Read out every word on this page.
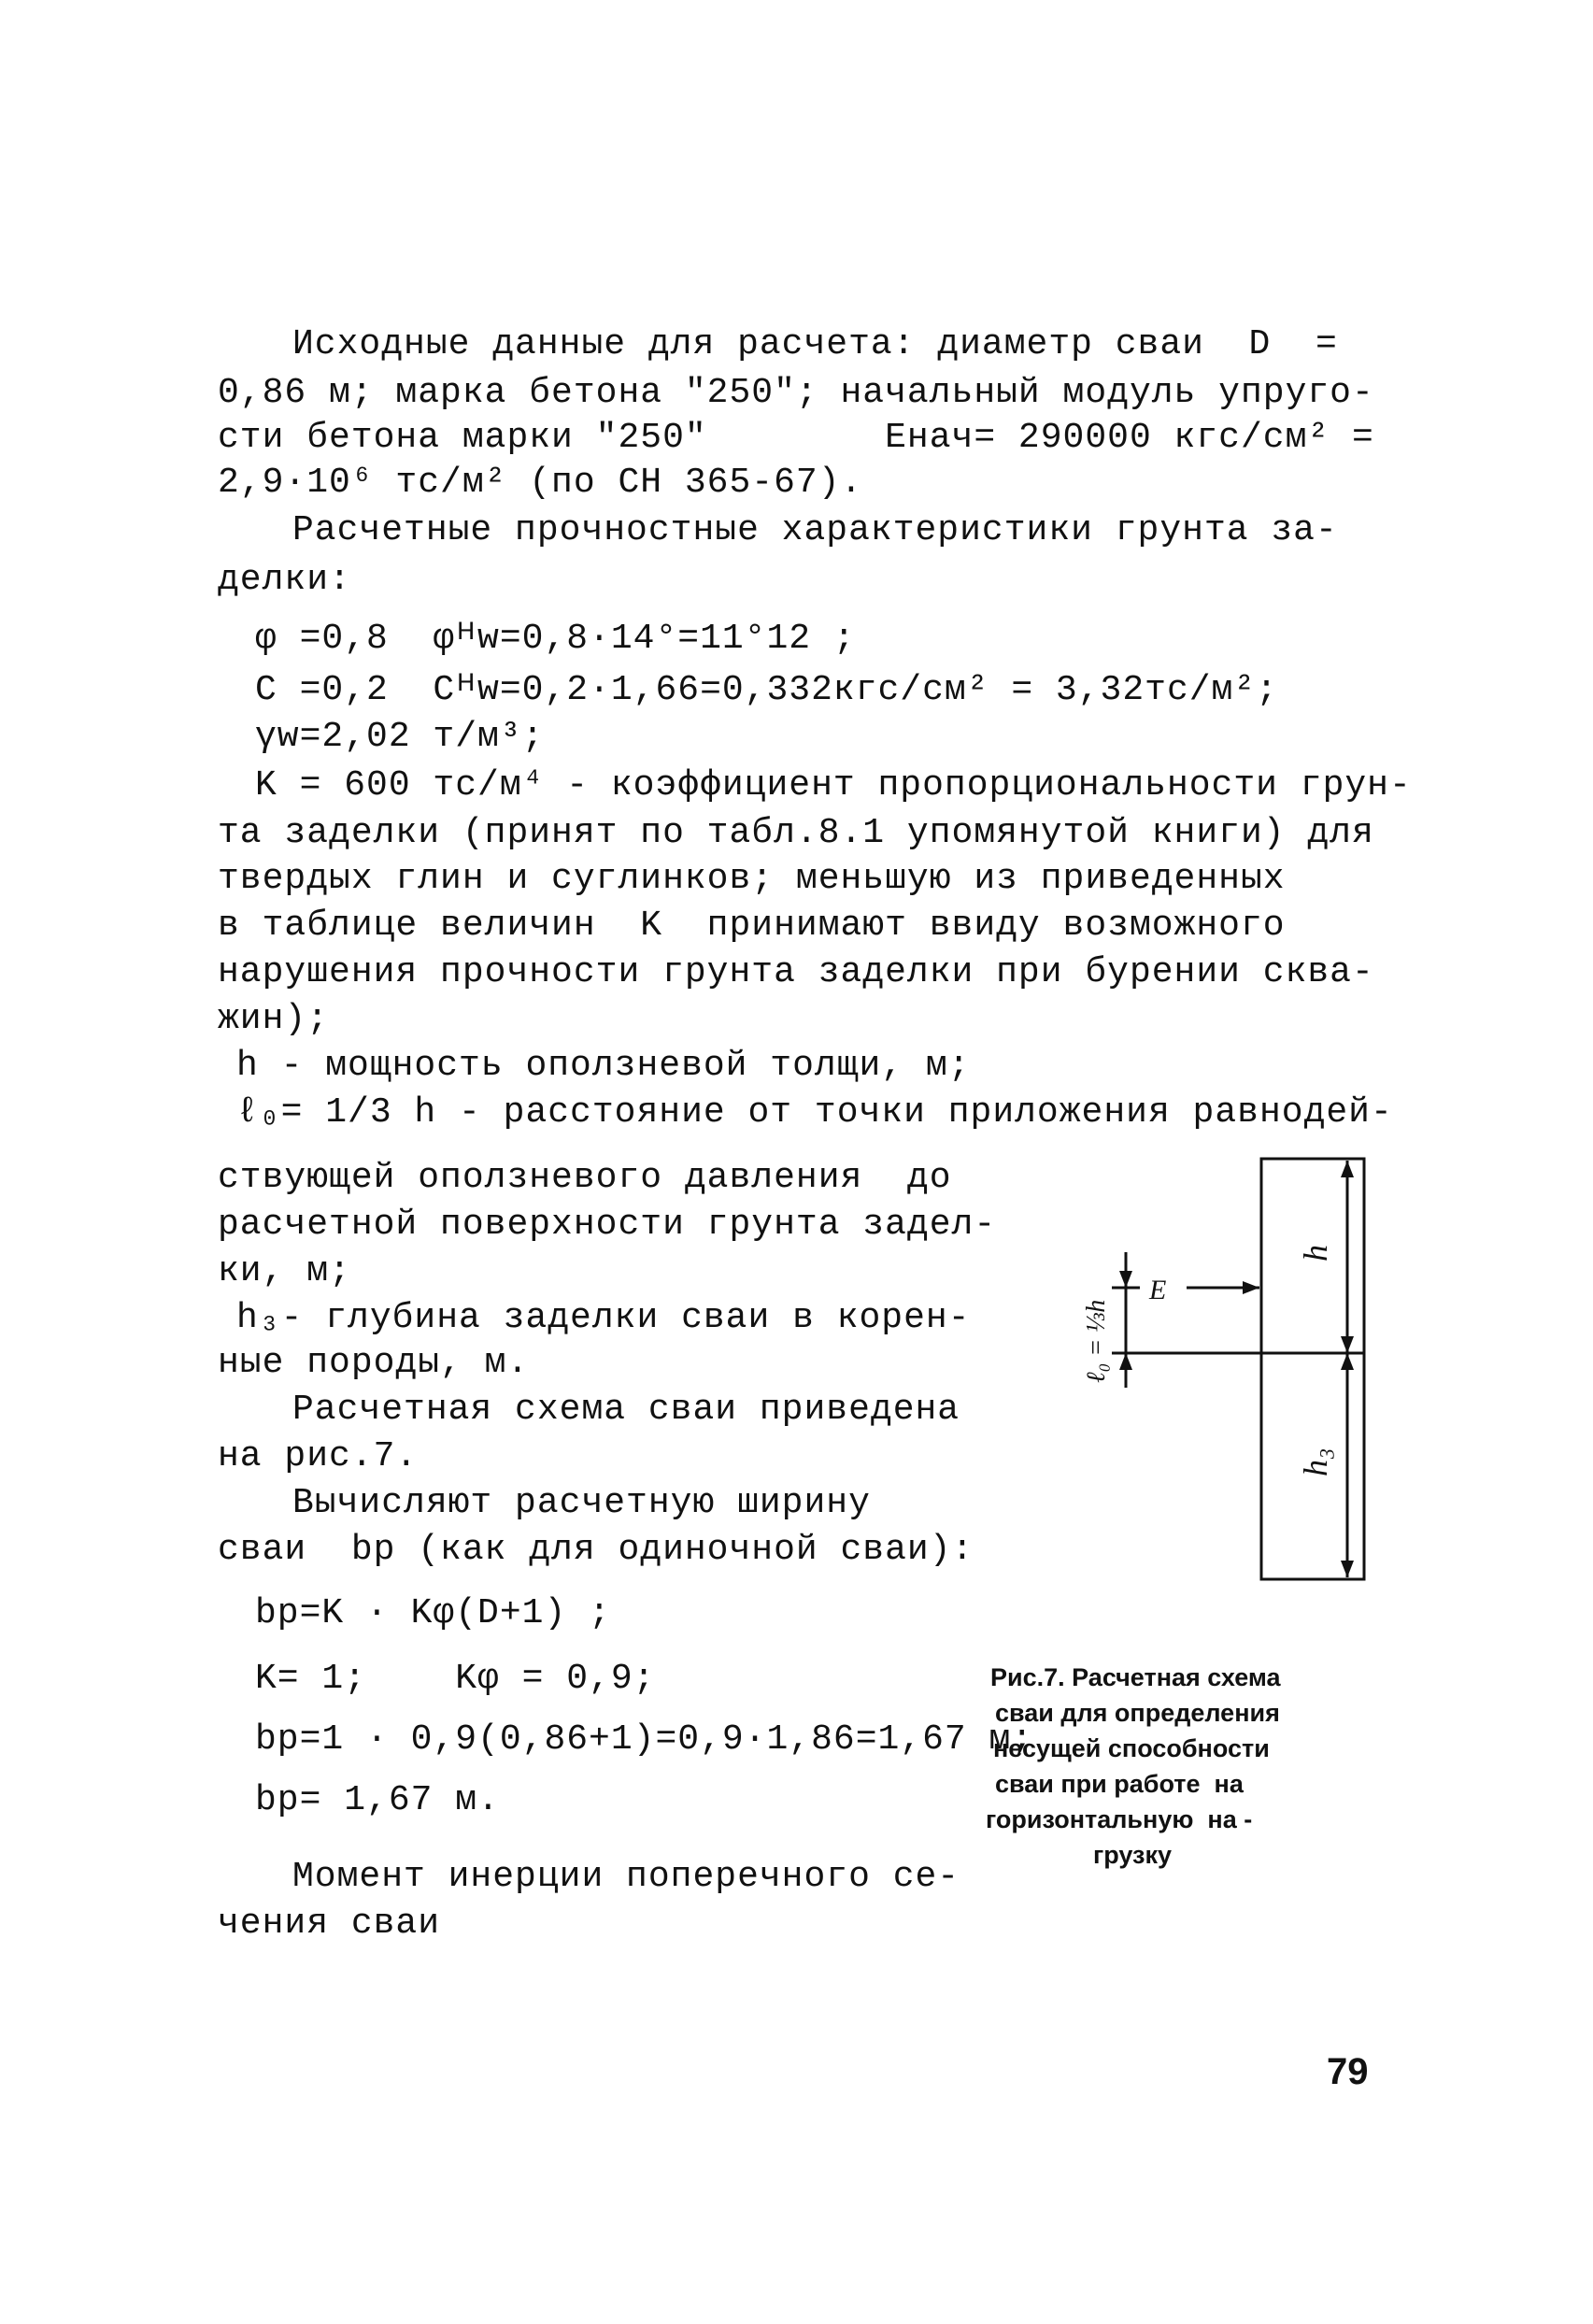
Исходные данные для расчета: диаметр сваи  D  =
0,86 м; марка бетона "250"; начальный модуль упруго-
сти бетона марки "250"        Eнач= 290000 кгс/см² =
2,9·10⁶ тс/м² (по СН 365-67).
Расчетные прочностные характеристики грунта за-
делки:
φ =0,8  φᴴw=0,8·14°=11°12 ;
C =0,2  Cᴴw=0,2·1,66=0,332кгс/см² = 3,32тс/м²;
γw=2,02 т/м³;
K = 600 тс/м⁴ - коэффициент пропорциональности грун-
та заделки (принят по табл.8.1 упомянутой книги) для
твердых глин и суглинков; меньшую из приведенных
в таблице величин  K  принимают ввиду возможного
нарушения прочности грунта заделки при бурении сква-
жин);
h - мощность оползневой толщи, м;
ℓ₀= 1/3 h - расстояние от точки приложения равнодей-
ствующей оползневого давления  до
расчетной поверхности грунта задел-
ки, м;
h₃- глубина заделки сваи в корен-
ные породы, м.
Расчетная схема сваи приведена
на рис.7.
Вычисляют расчетную ширину
сваи  bp (как для одиночной сваи):
bp=K · Kφ(D+1) ;
K= 1;    Kφ = 0,9;
bp=1 · 0,9(0,86+1)=0,9·1,86=1,67 м;
bp= 1,67 м.
Момент инерции поперечного се-
чения сваи
E
h
h₃
ℓ₀ = ⅓h
Рис.7. Расчетная схема
сваи для определения
несущей способности
сваи при работе  на
горизонтальную  на -
грузку
79
